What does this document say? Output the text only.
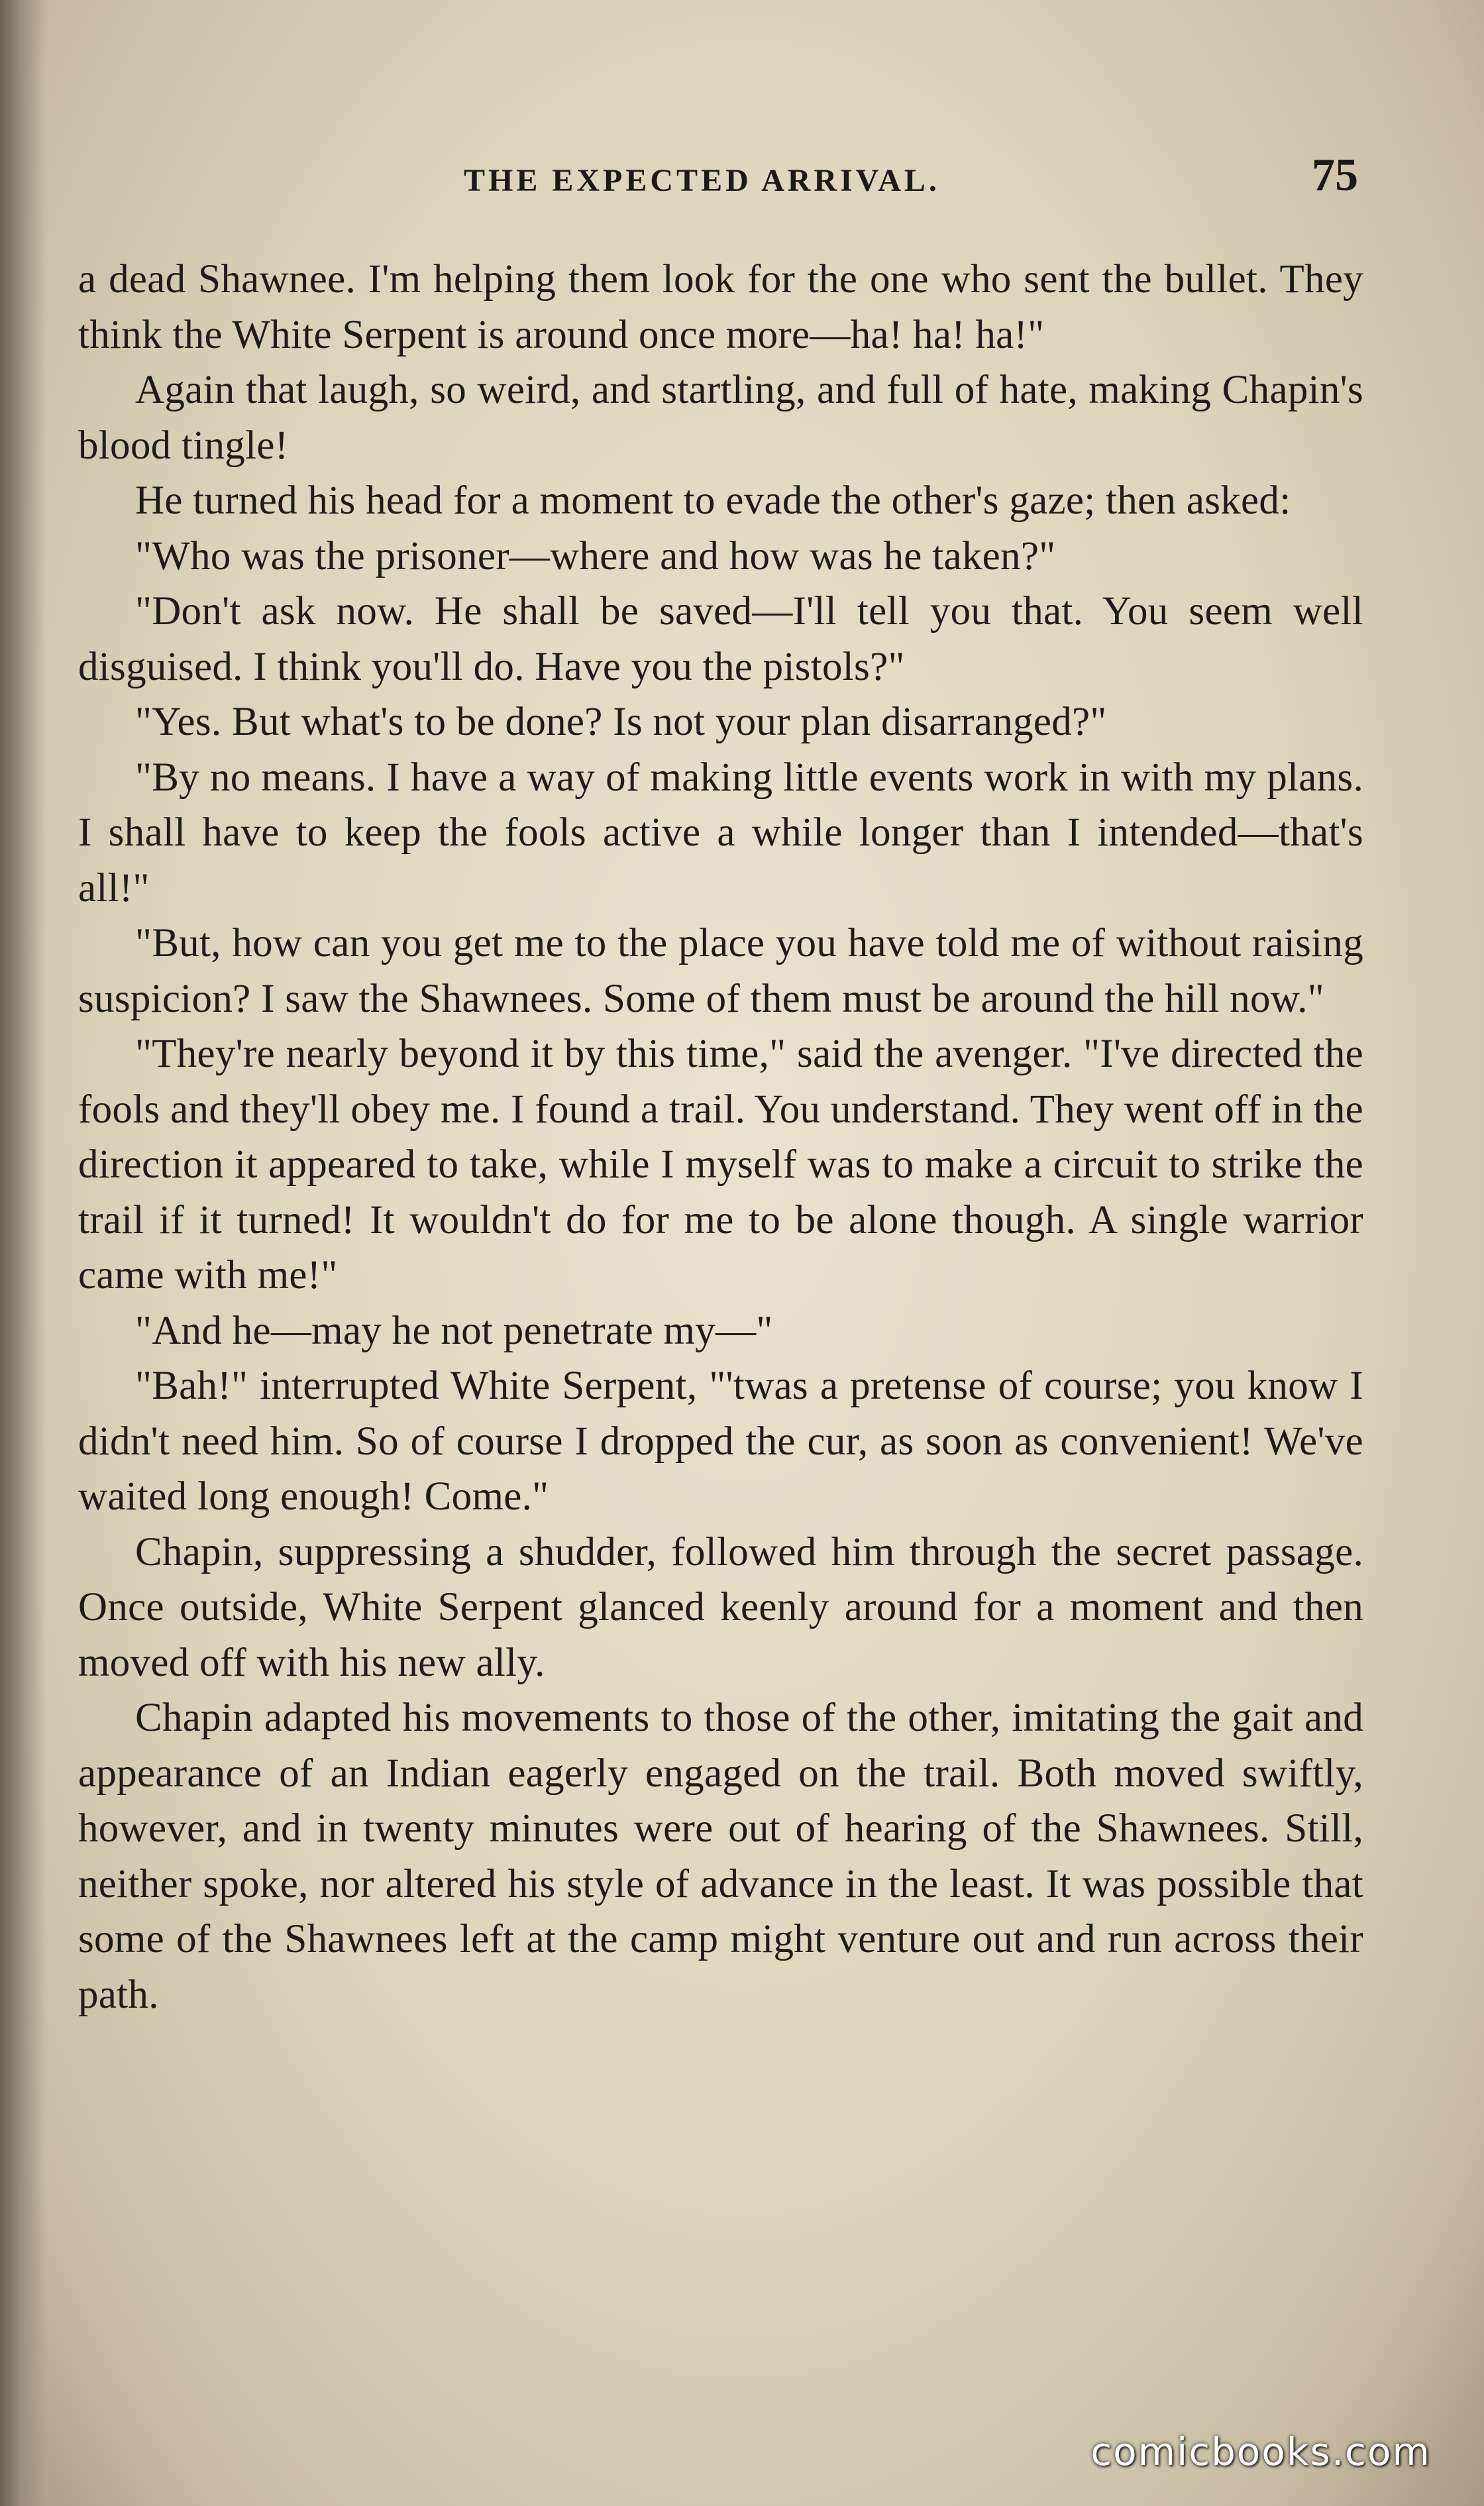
THE EXPECTED ARRIVAL.	75

a dead Shawnee. I'm helping them look for the one who sent the bullet. They think the White Serpent is around once more—ha! ha! ha!"

Again that laugh, so weird, and startling, and full of hate, making Chapin's blood tingle!

He turned his head for a moment to evade the other's gaze; then asked:

"Who was the prisoner—where and how was he taken?"

"Don't ask now. He shall be saved—I'll tell you that. You seem well disguised. I think you'll do. Have you the pistols?"

"Yes. But what's to be done? Is not your plan disarranged?"

"By no means. I have a way of making little events work in with my plans. I shall have to keep the fools active a while longer than I intended—that's all!"

"But, how can you get me to the place you have told me of without raising suspicion? I saw the Shawnees. Some of them must be around the hill now."

"They're nearly beyond it by this time," said the avenger. "I've directed the fools and they'll obey me. I found a trail. You understand. They went off in the direction it appeared to take, while I myself was to make a circuit to strike the trail if it turned! It wouldn't do for me to be alone though. A single warrior came with me!"

"And he—may he not penetrate my—"

"Bah!" interrupted White Serpent, "'twas a pretense of course; you know I didn't need him. So of course I dropped the cur, as soon as convenient! We've waited long enough! Come."

Chapin, suppressing a shudder, followed him through the secret passage. Once outside, White Serpent glanced keenly around for a moment and then moved off with his new ally.

Chapin adapted his movements to those of the other, imitating the gait and appearance of an Indian eagerly engaged on the trail. Both moved swiftly, however, and in twenty minutes were out of hearing of the Shawnees. Still, neither spoke, nor altered his style of advance in the least. It was possible that some of the Shawnees left at the camp might venture out and run across their path.

comicbooks.com
